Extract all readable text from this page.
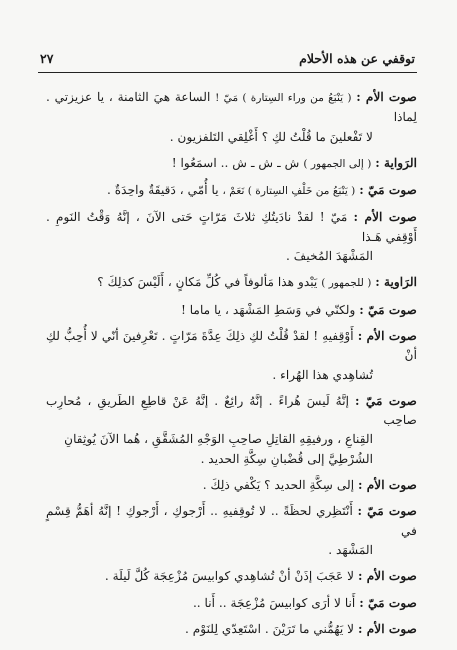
توقفي عن هذه الأحلام
٢٧
صوت الأم : ( يَنْبَعُ من وراء السِتارة ) مَيّ ! الساعة هيَ الثامنة ، يا عزيزتي . لِماذا
لا تَفْعلينَ ما قُلْتُ لكِ ؟ أَغْلِقي التَلفزيون .
الرَواية : ( إلى الجمهور ) ش ـ ش ـ ش .. اسمَعُوا !
صوت مَيّ : ( يَنْبَعُ من خَلْفِ السِتارة ) نَعَمْ ، يا أُمّي ، دَقيقَةٌ واحِدَةٌ .
صوت الأم : مَيّ ! لقدْ نادَيتُكِ ثلاثَ مَرّاتٍ حَتى الآنَ ، إنَّهُ وَقْتُ النَومِ . أَوْقِفي هَـذا
المَشْهَدَ المُخيفَ .
الرَاوية : ( للجمهور ) يَبْدو هذا مَألوفاً في كُلِّ مَكانٍ ، أَلَيْسَ كذلِكَ ؟
صوت مَيّ : ولكنّي في وَسَطِ المَشْهَد ، يا ماما !
صوت الأم : أَوْقِفيهِ ! لقدْ قُلْتُ لكِ ذلِكَ عِدَّةَ مَرّاتٍ . تَعْرِفينَ أنّي لا أُحِبُّ لكِ أنْ
تُشاهِدي هذا الهُراء .
صوت مَيّ : إنَّهُ لَيسَ هُراءً . إنَّهُ رائِعٌ . إنَّهُ عَنْ قاطِعِ الطَريقِ ، مُحارِب صاحِب
القِناعِ ، ورفيقِهِ القاتِلِ صاحِبِ الوَجْهِ المُشَقَّقِ ، هُما الآنَ يُوثِقانِ
الشُرْطِيَّ إلى قُضْبانِ سِكَّةِ الحديد .
صوت الأم : إلى سِكَّةِ الحديد ؟ يَكْفي ذلِكَ .
صوت مَيّ : أَنْتَظِري لحظَةً .. لا تُوقِفيهِ .. أَرْجوكِ ، أَرْجوكِ ! إنَّهُ أهَمُّ قِسْمٍ في
المَشْهَد .
صوت الأم : لا عَجَبَ إذَنْ أنْ تُشاهِدي كوابيسَ مُزْعِجَة كُلَّ لَيلَة .
صوت مَيّ : أَنا لا أرَى كوابيسَ مُزْعِجَة .. أَنا ..
صوت الأم : لا يَهُمُّني ما تَرَيْنَ . اسْتَعِدّي لِلنَوْم .
